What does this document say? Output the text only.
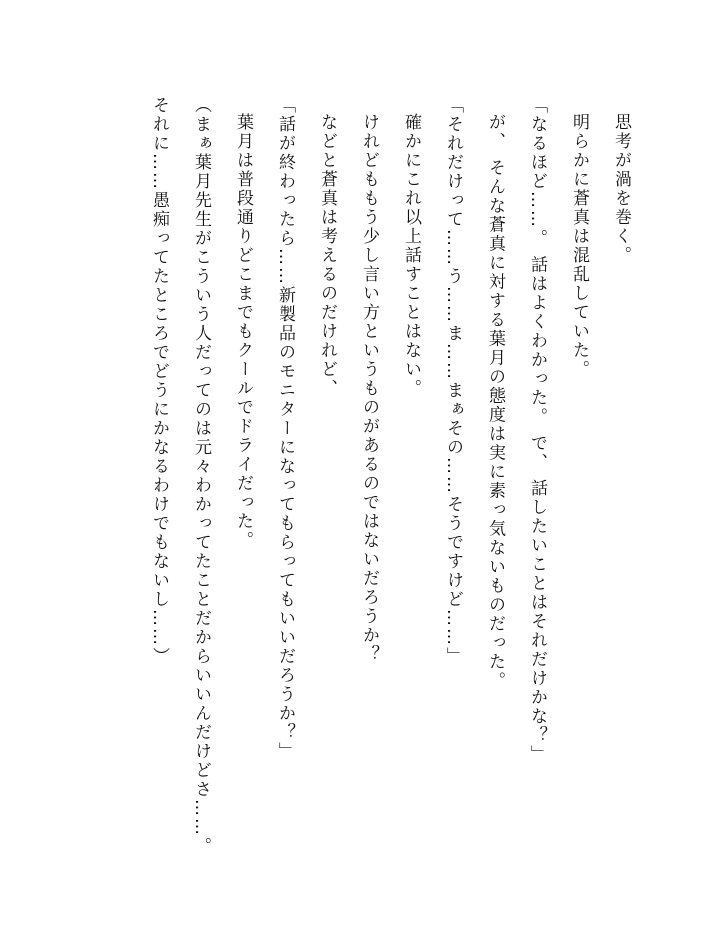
思考が渦を巻く。

明らかに蒼真は混乱していた。

「なるほど……。 話はよくわかった。 で、 話したいことはそれだけかな？」

が、 そんな蒼真に対する葉月の態度は実に素っ気ないものだった。

「それだけって……う……ま……まぁその……そうですけど……」

確かにこれ以上話すことはない。

けれどももう少し言い方というものがあるのではないだろうか？

などと蒼真は考えるのだけれど、

「話が終わったら……新製品のモニターになってもらってもいいだろうか？」

葉月は普段通りどこまでもクールでドライだった。

（まぁ葉月先生がこういう人だってのは元々わかってたことだからいいんだけどさ……。 それに……愚痴ってたところでどうにかなるわけでもないし……）
